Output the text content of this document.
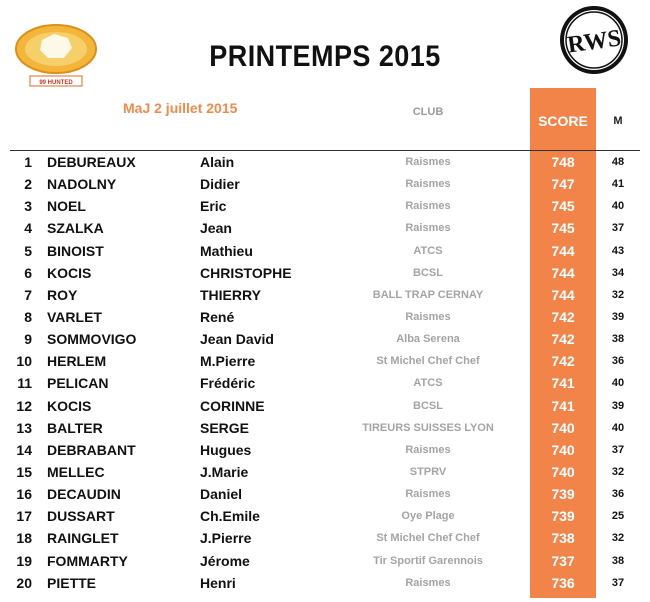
99 HUNTED
RWS
PRINTEMPS 2015
MaJ 2 juillet 2015	CLUB
SCORE	M
1 DEBUREAUX	Alain	Raismes	748	48
2 NADOLNY	Didier	Raismes	747	41
3 NOEL	Eric	Raismes	745	40
4 SZALKA	Jean	Raismes	745	37
5 BINOIST	Mathieu	ATCS	744	43
6 KOCIS	CHRISTOPHE	BCSL	744	34
7 ROY	THIERRY	BALL TRAP CERNAY	744	32
8 VARLET	René	Raismes	742	39
9 SOMMOVIGO	Jean David	Alba Serena	742	38
10 HERLEM	M.Pierre	St Michel Chef Chef	742	36
11 PELICAN	Frédéric	ATCS	741	40
12 KOCIS	CORINNE	BCSL	741	39
13 BALTER	SERGE	TIREURS SUISSES LYON	740	40
14 DEBRABANT	Hugues	Raismes	740	37
15 MELLEC	J.Marie	STPRV	740	32
16 DECAUDIN	Daniel	Raismes	739	36
17 DUSSART	Ch.Emile	Oye Plage	739	25
18 RAINGLET	J.Pierre	St Michel Chef Chef	738	32
19 FOMMARTY	Jérome	Tir Sportif Garennois	737	38
20 PIETTE	Henri	Raismes	736	37
